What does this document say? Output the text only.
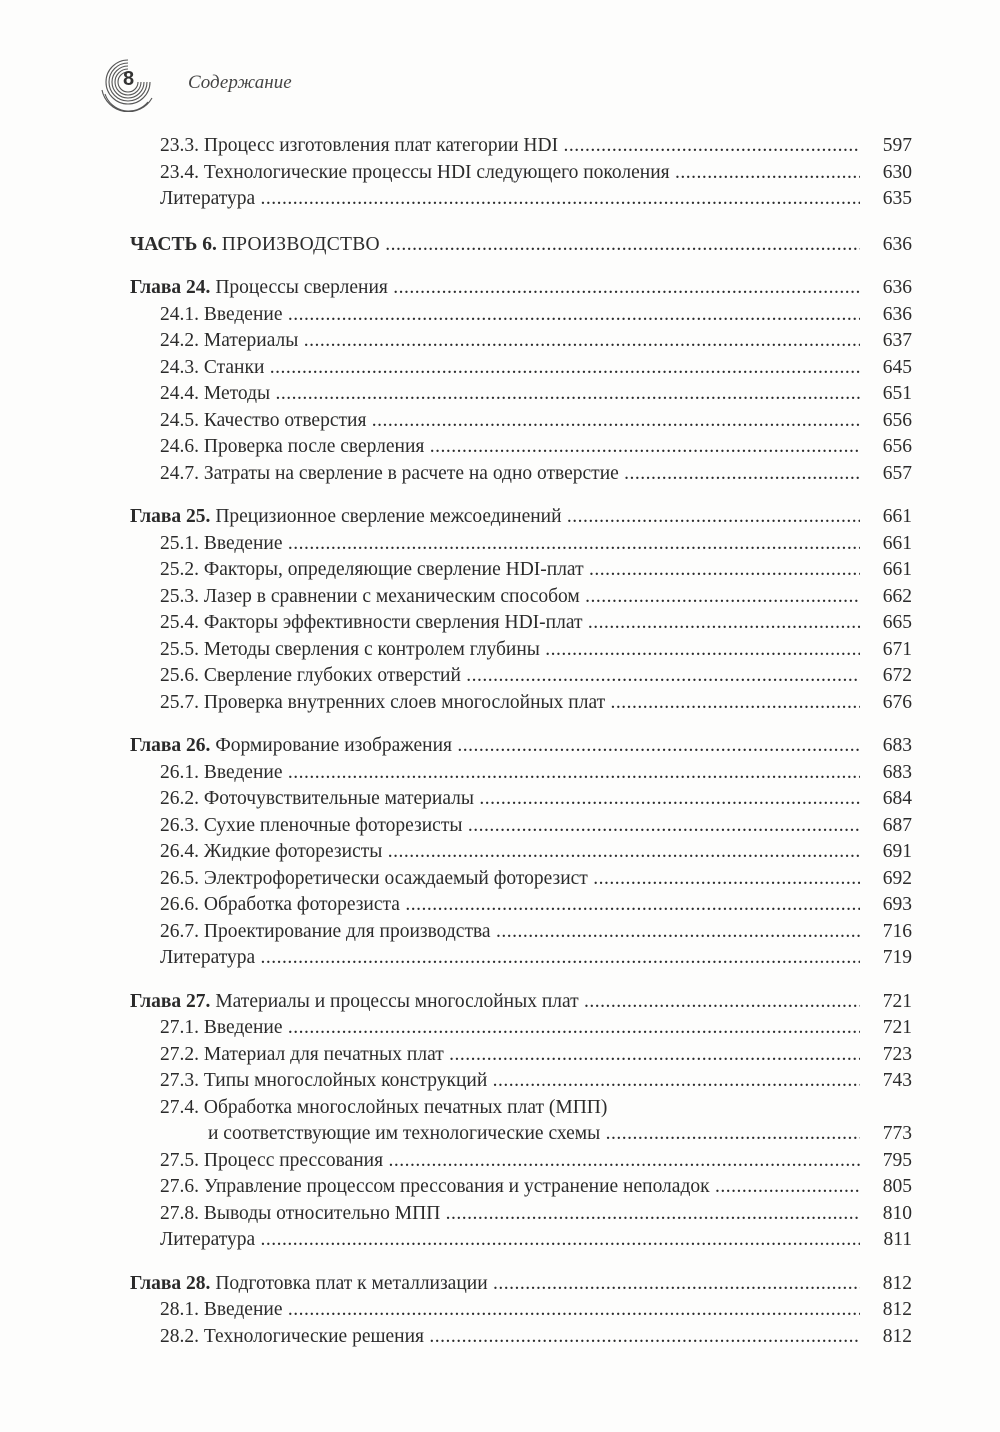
8	Содержание
23.3. Процесс изготовления плат категории HDI .....	597
23.4. Технологические процессы HDI следующего поколения .....	630
Литература .....	635
ЧАСТЬ 6. ПРОИЗВОДСТВО .....	636
Глава 24. Процессы сверления .....	636
24.1. Введение .....	636
24.2. Материалы .....	637
24.3. Станки .....	645
24.4. Методы .....	651
24.5. Качество отверстия .....	656
24.6. Проверка после сверления .....	656
24.7. Затраты на сверление в расчете на одно отверстие .....	657
Глава 25. Прецизионное сверление межсоединений .....	661
25.1. Введение .....	661
25.2. Факторы, определяющие сверление HDI-плат .....	661
25.3. Лазер в сравнении с механическим способом .....	662
25.4. Факторы эффективности сверления HDI-плат .....	665
25.5. Методы сверления с контролем глубины .....	671
25.6. Сверление глубоких отверстий .....	672
25.7. Проверка внутренних слоев многослойных плат .....	676
Глава 26. Формирование изображения .....	683
26.1. Введение .....	683
26.2. Фоточувствительные материалы .....	684
26.3. Сухие пленочные фоторезисты .....	687
26.4. Жидкие фоторезисты .....	691
26.5. Электрофоретически осаждаемый фоторезист .....	692
26.6. Обработка фоторезиста .....	693
26.7. Проектирование для производства .....	716
Литература .....	719
Глава 27. Материалы и процессы многослойных плат .....	721
27.1. Введение .....	721
27.2. Материал для печатных плат .....	723
27.3. Типы многослойных конструкций .....	743
27.4. Обработка многослойных печатных плат (МПП)
и соответствующие им технологические схемы .....	773
27.5. Процесс прессования .....	795
27.6. Управление процессом прессования и устранение неполадок .....	805
27.8. Выводы относительно МПП .....	810
Литература .....	811
Глава 28. Подготовка плат к металлизации .....	812
28.1. Введение .....	812
28.2. Технологические решения .....	812
